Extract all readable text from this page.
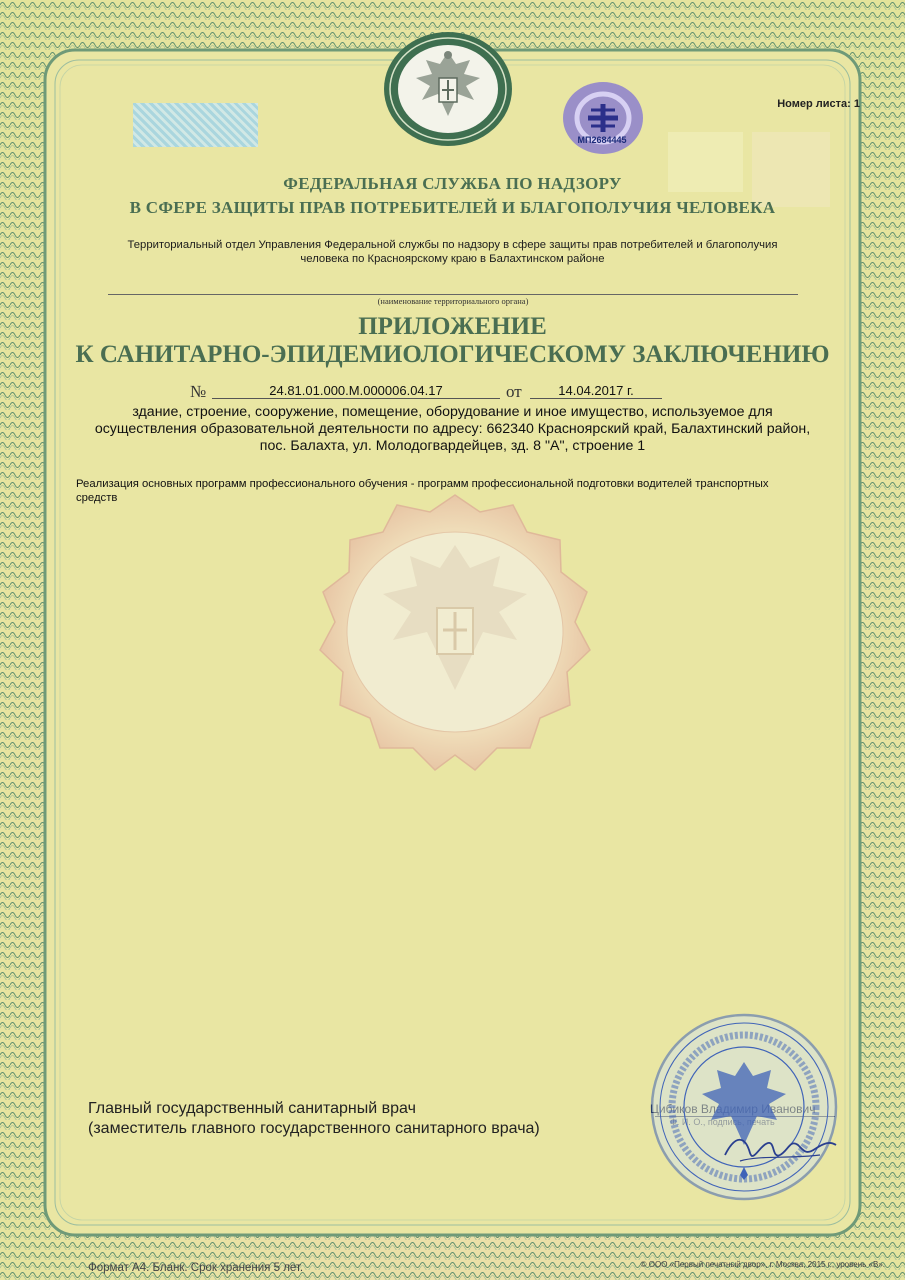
МП2684445
Номер листа: 1
ФЕДЕРАЛЬНАЯ СЛУЖБА ПО НАДЗОРУ
В СФЕРЕ ЗАЩИТЫ ПРАВ ПОТРЕБИТЕЛЕЙ И БЛАГОПОЛУЧИЯ ЧЕЛОВЕКА
Территориальный отдел Управления Федеральной службы по надзору в сфере защиты прав потребителей и благополучия
человека по Красноярскому краю в Балахтинском районе
(наименование территориального органа)
ПРИЛОЖЕНИЕ
К САНИТАРНО-ЭПИДЕМИОЛОГИЧЕСКОМУ ЗАКЛЮЧЕНИЮ
№	24.81.01.000.М.000006.04.17	от	14.04.2017 г.
здание, строение, сооружение, помещение, оборудование и иное имущество, используемое для
осуществления образовательной деятельности по адресу: 662340 Красноярский край, Балахтинский район,
пос. Балахта, ул. Молодогвардейцев, зд. 8 "А", строение 1
Реализация основных программ профессионального обучения - программ профессиональной подготовки водителей транспортных
средств
Главный государственный санитарный врач
(заместитель главного государственного санитарного врача)
Формат А4. Бланк. Срок хранения 5 лет.	© ООО «Первый печатный двор», г. Москва, 2015 г., уровень «В».
